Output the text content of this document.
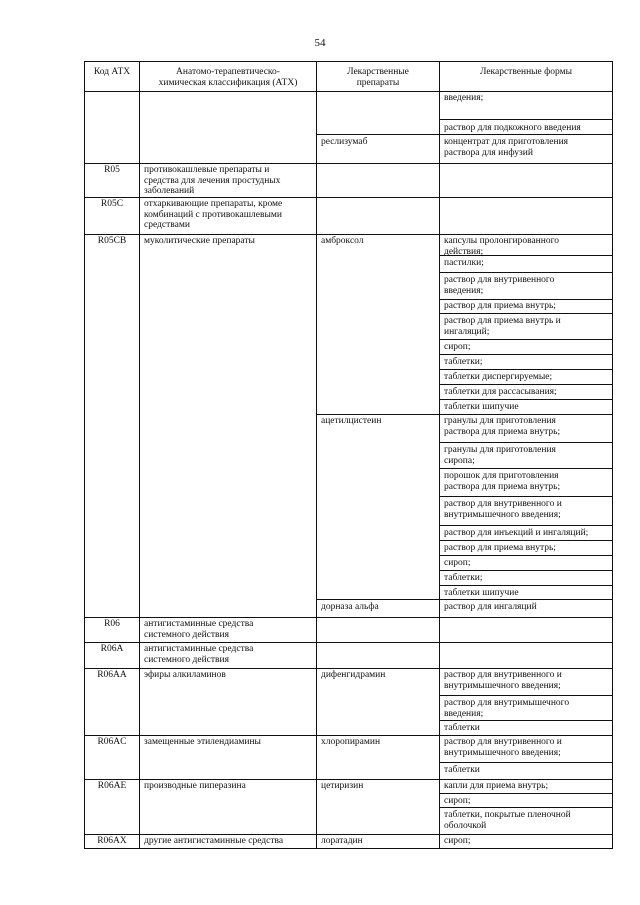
54
Код АТХ	Анатомо-терапевтическо-
химическая классификация (АТХ)
Лекарственные
препараты
Лекарственные формы
R05
R05C
R05CB
R06
R06A
R06AA
R06AC
R06AE
R06AX
противокашлевые препараты и
средства для лечения простудных
заболеваний
отхаркивающие препараты, кроме
комбинаций с противокашлевыми
средствами
муколитические препараты
антигистаминные средства
системного действия
антигистаминные средства
системного действия
эфиры алкиламинов
замещенные этилендиамины
производные пиперазина
другие антигистаминные средства
реслизумаб
амброксол
ацетилцистеин
дорназа альфа
дифенгидрамин
хлоропирамин
цетиризин
лоратадин
введения;
раствор для подкожного введения
концентрат для приготовления
раствора для инфузий
капсулы пролонгированного
действия;
пастилки;
раствор для внутривенного
введения;
раствор для приема внутрь;
раствор для приема внутрь и
ингаляций;
сироп;
таблетки;
таблетки диспергируемые;
таблетки для рассасывания;
таблетки шипучие
гранулы для приготовления
раствора для приема внутрь;
гранулы для приготовления
сиропа;
порошок для приготовления
раствора для приема внутрь;
раствор для внутривенного и
внутримышечного введения;
раствор для инъекций и ингаляций;
раствор для приема внутрь;
сироп;
таблетки;
таблетки шипучие
раствор для ингаляций
раствор для внутривенного и
внутримышечного введения;
раствор для внутримышечного
введения;
таблетки
раствор для внутривенного и
внутримышечного введения;
таблетки
капли для приема внутрь;
сироп;
таблетки, покрытые пленочной
оболочкой
сироп;
